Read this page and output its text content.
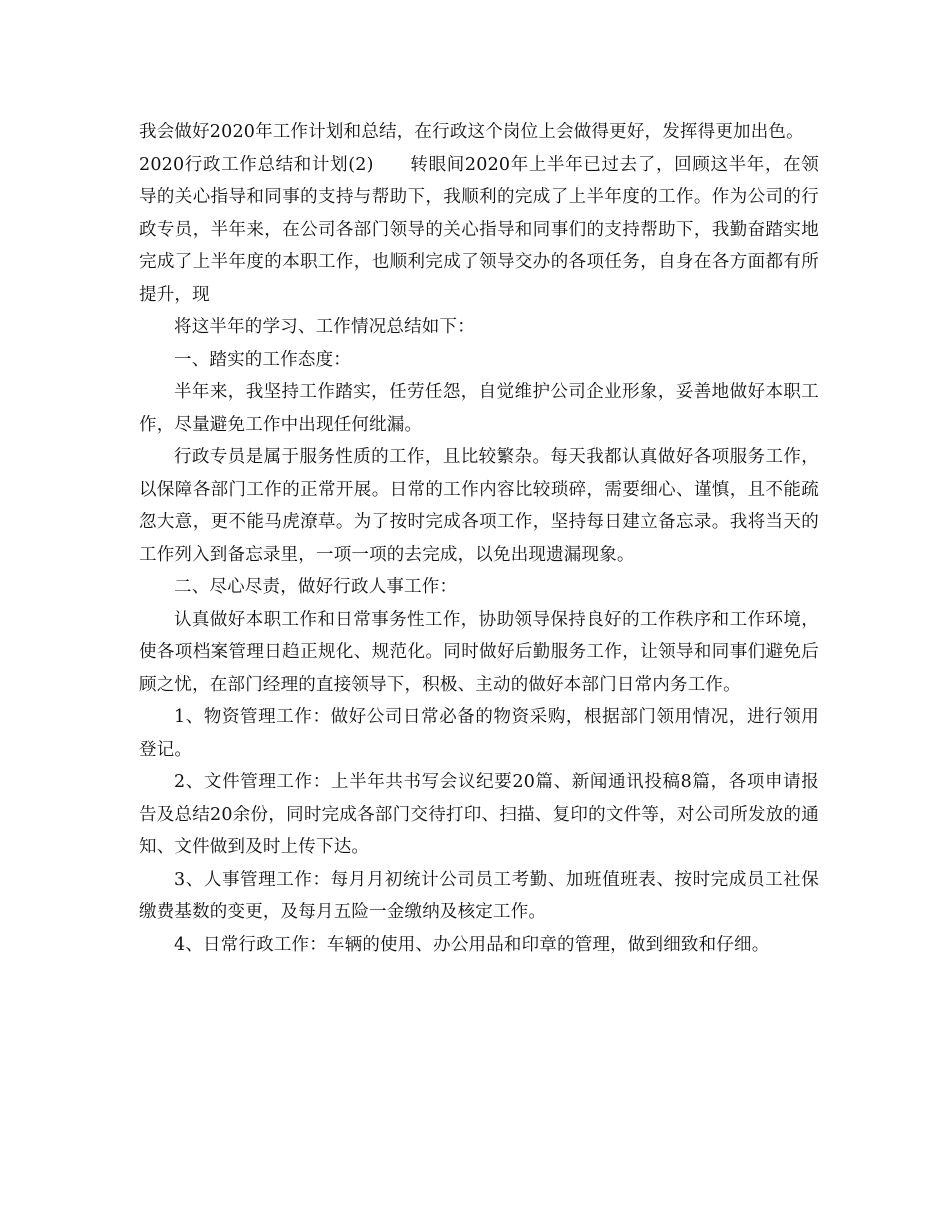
我会做好2020年工作计划和总结，在行政这个岗位上会做得更好，发挥得更加出色。

2020行政工作总结和计划(2)　　转眼间2020年上半年已过去了，回顾这半年，在领导的关心指导和同事的支持与帮助下，我顺利的完成了上半年度的工作。作为公司的行政专员，半年来，在公司各部门领导的关心指导和同事们的支持帮助下，我勤奋踏实地完成了上半年度的本职工作，也顺利完成了领导交办的各项任务，自身在各方面都有所提升，现

将这半年的学习、工作情况总结如下：

一、踏实的工作态度：

半年来，我坚持工作踏实，任劳任怨，自觉维护公司企业形象，妥善地做好本职工作，尽量避免工作中出现任何纰漏。

行政专员是属于服务性质的工作，且比较繁杂。每天我都认真做好各项服务工作，以保障各部门工作的正常开展。日常的工作内容比较琐碎，需要细心、谨慎，且不能疏忽大意，更不能马虎潦草。为了按时完成各项工作，坚持每日建立备忘录。我将当天的工作列入到备忘录里，一项一项的去完成，以免出现遗漏现象。

二、尽心尽责，做好行政人事工作：

认真做好本职工作和日常事务性工作，协助领导保持良好的工作秩序和工作环境，使各项档案管理日趋正规化、规范化。同时做好后勤服务工作，让领导和同事们避免后顾之忧，在部门经理的直接领导下，积极、主动的做好本部门日常内务工作。

1、物资管理工作：做好公司日常必备的物资采购，根据部门领用情况，进行领用登记。

2、文件管理工作：上半年共书写会议纪要20篇、新闻通讯投稿8篇，各项申请报告及总结20余份，同时完成各部门交待打印、扫描、复印的文件等，对公司所发放的通知、文件做到及时上传下达。

3、人事管理工作：每月月初统计公司员工考勤、加班值班表、按时完成员工社保缴费基数的变更，及每月五险一金缴纳及核定工作。

4、日常行政工作：车辆的使用、办公用品和印章的管理，做到细致和仔细。
